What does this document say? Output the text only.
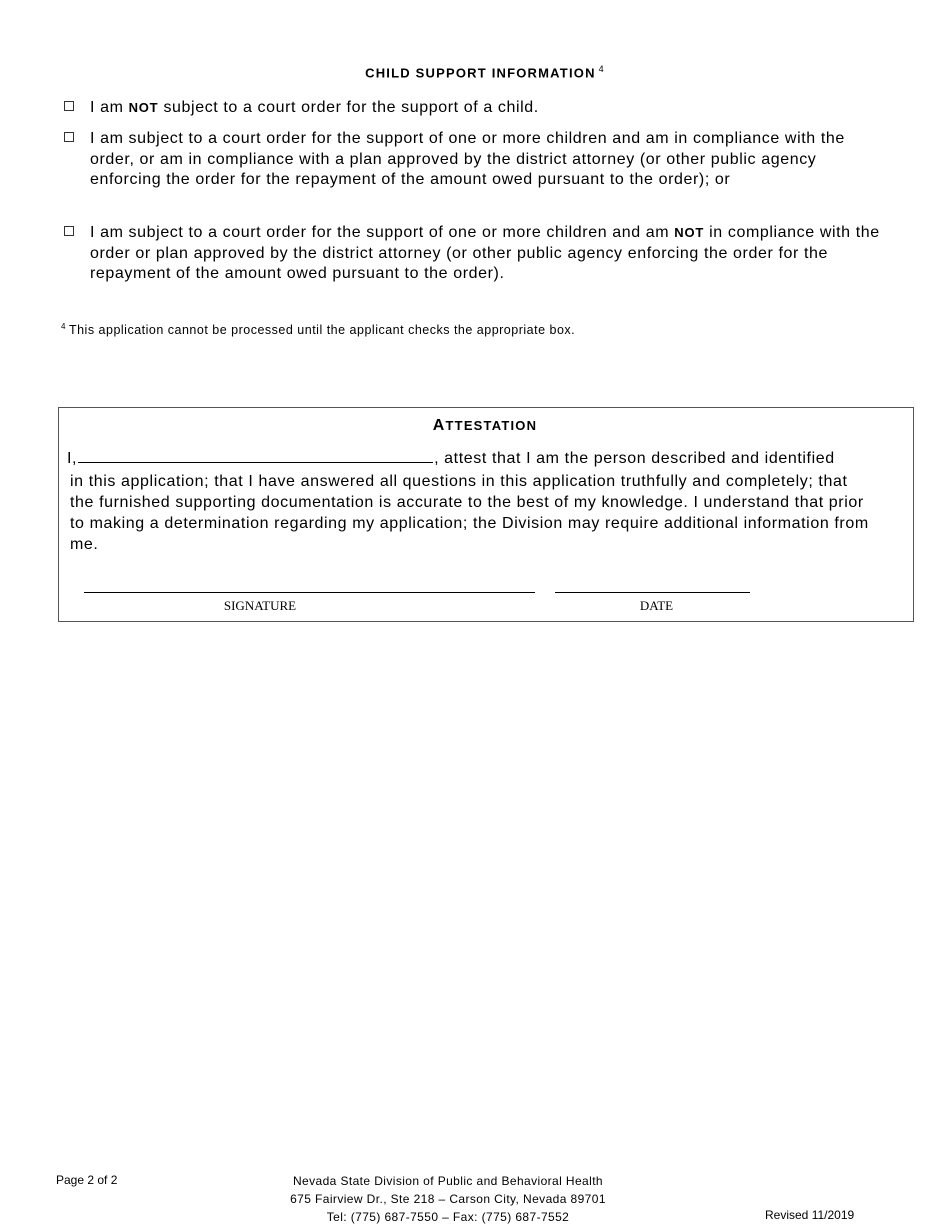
CHILD SUPPORT INFORMATION $^4$
I am NOT subject to a court order for the support of a child.
I am subject to a court order for the support of one or more children and am in compliance with the order, or am in compliance with a plan approved by the district attorney (or other public agency enforcing the order for the repayment of the amount owed pursuant to the order); or
I am subject to a court order for the support of one or more children and am NOT in compliance with the order or plan approved by the district attorney (or other public agency enforcing the order for the repayment of the amount owed pursuant to the order).
$^4$ This application cannot be processed until the applicant checks the appropriate box.
ATTESTATION
I,	, attest that I am the person described and identified
in this application; that I have answered all questions in this application truthfully and completely; that the furnished supporting documentation is accurate to the best of my knowledge. I understand that prior to making a determination regarding my application; the Division may require additional information from me.
SIGNATURE	DATE
Page 2 of 2	Nevada State Division of Public and Behavioral Health
675 Fairview Dr., Ste 218 – Carson City, Nevada 89701
Tel: (775) 687-7550 – Fax: (775) 687-7552	Revised 11/2019
